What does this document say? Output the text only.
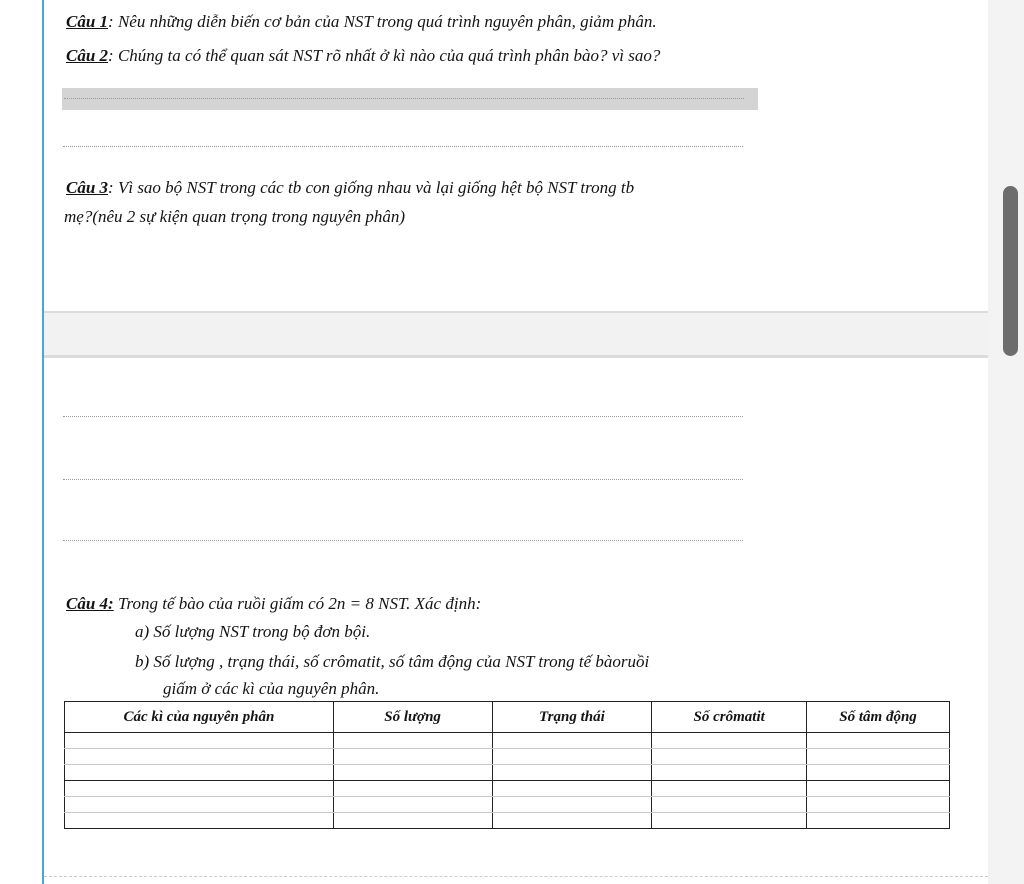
Câu 1: Nêu những diễn biến cơ bản của NST trong quá trình nguyên phân, giảm phân.
Câu 2: Chúng ta có thể quan sát NST rõ nhất ở kì nào của quá trình phân bào? vì sao?
Câu 3: Vì sao bộ NST trong các tb con giống nhau và lại giống hệt bộ NST trong tb
mẹ?(nêu 2 sự kiện quan trọng trong nguyên phân)
Câu 4: Trong tế bào của ruồi giấm có 2n = 8 NST. Xác định:
a) Số lượng NST trong bộ đơn bội.
b) Số lượng , trạng thái, số crômatit, số tâm động của NST trong tế bàoruồi
giấm ở các kì của nguyên phân.
Các kì của nguyên phân	Số lượng	Trạng thái	Số crômatit	Số tâm động
